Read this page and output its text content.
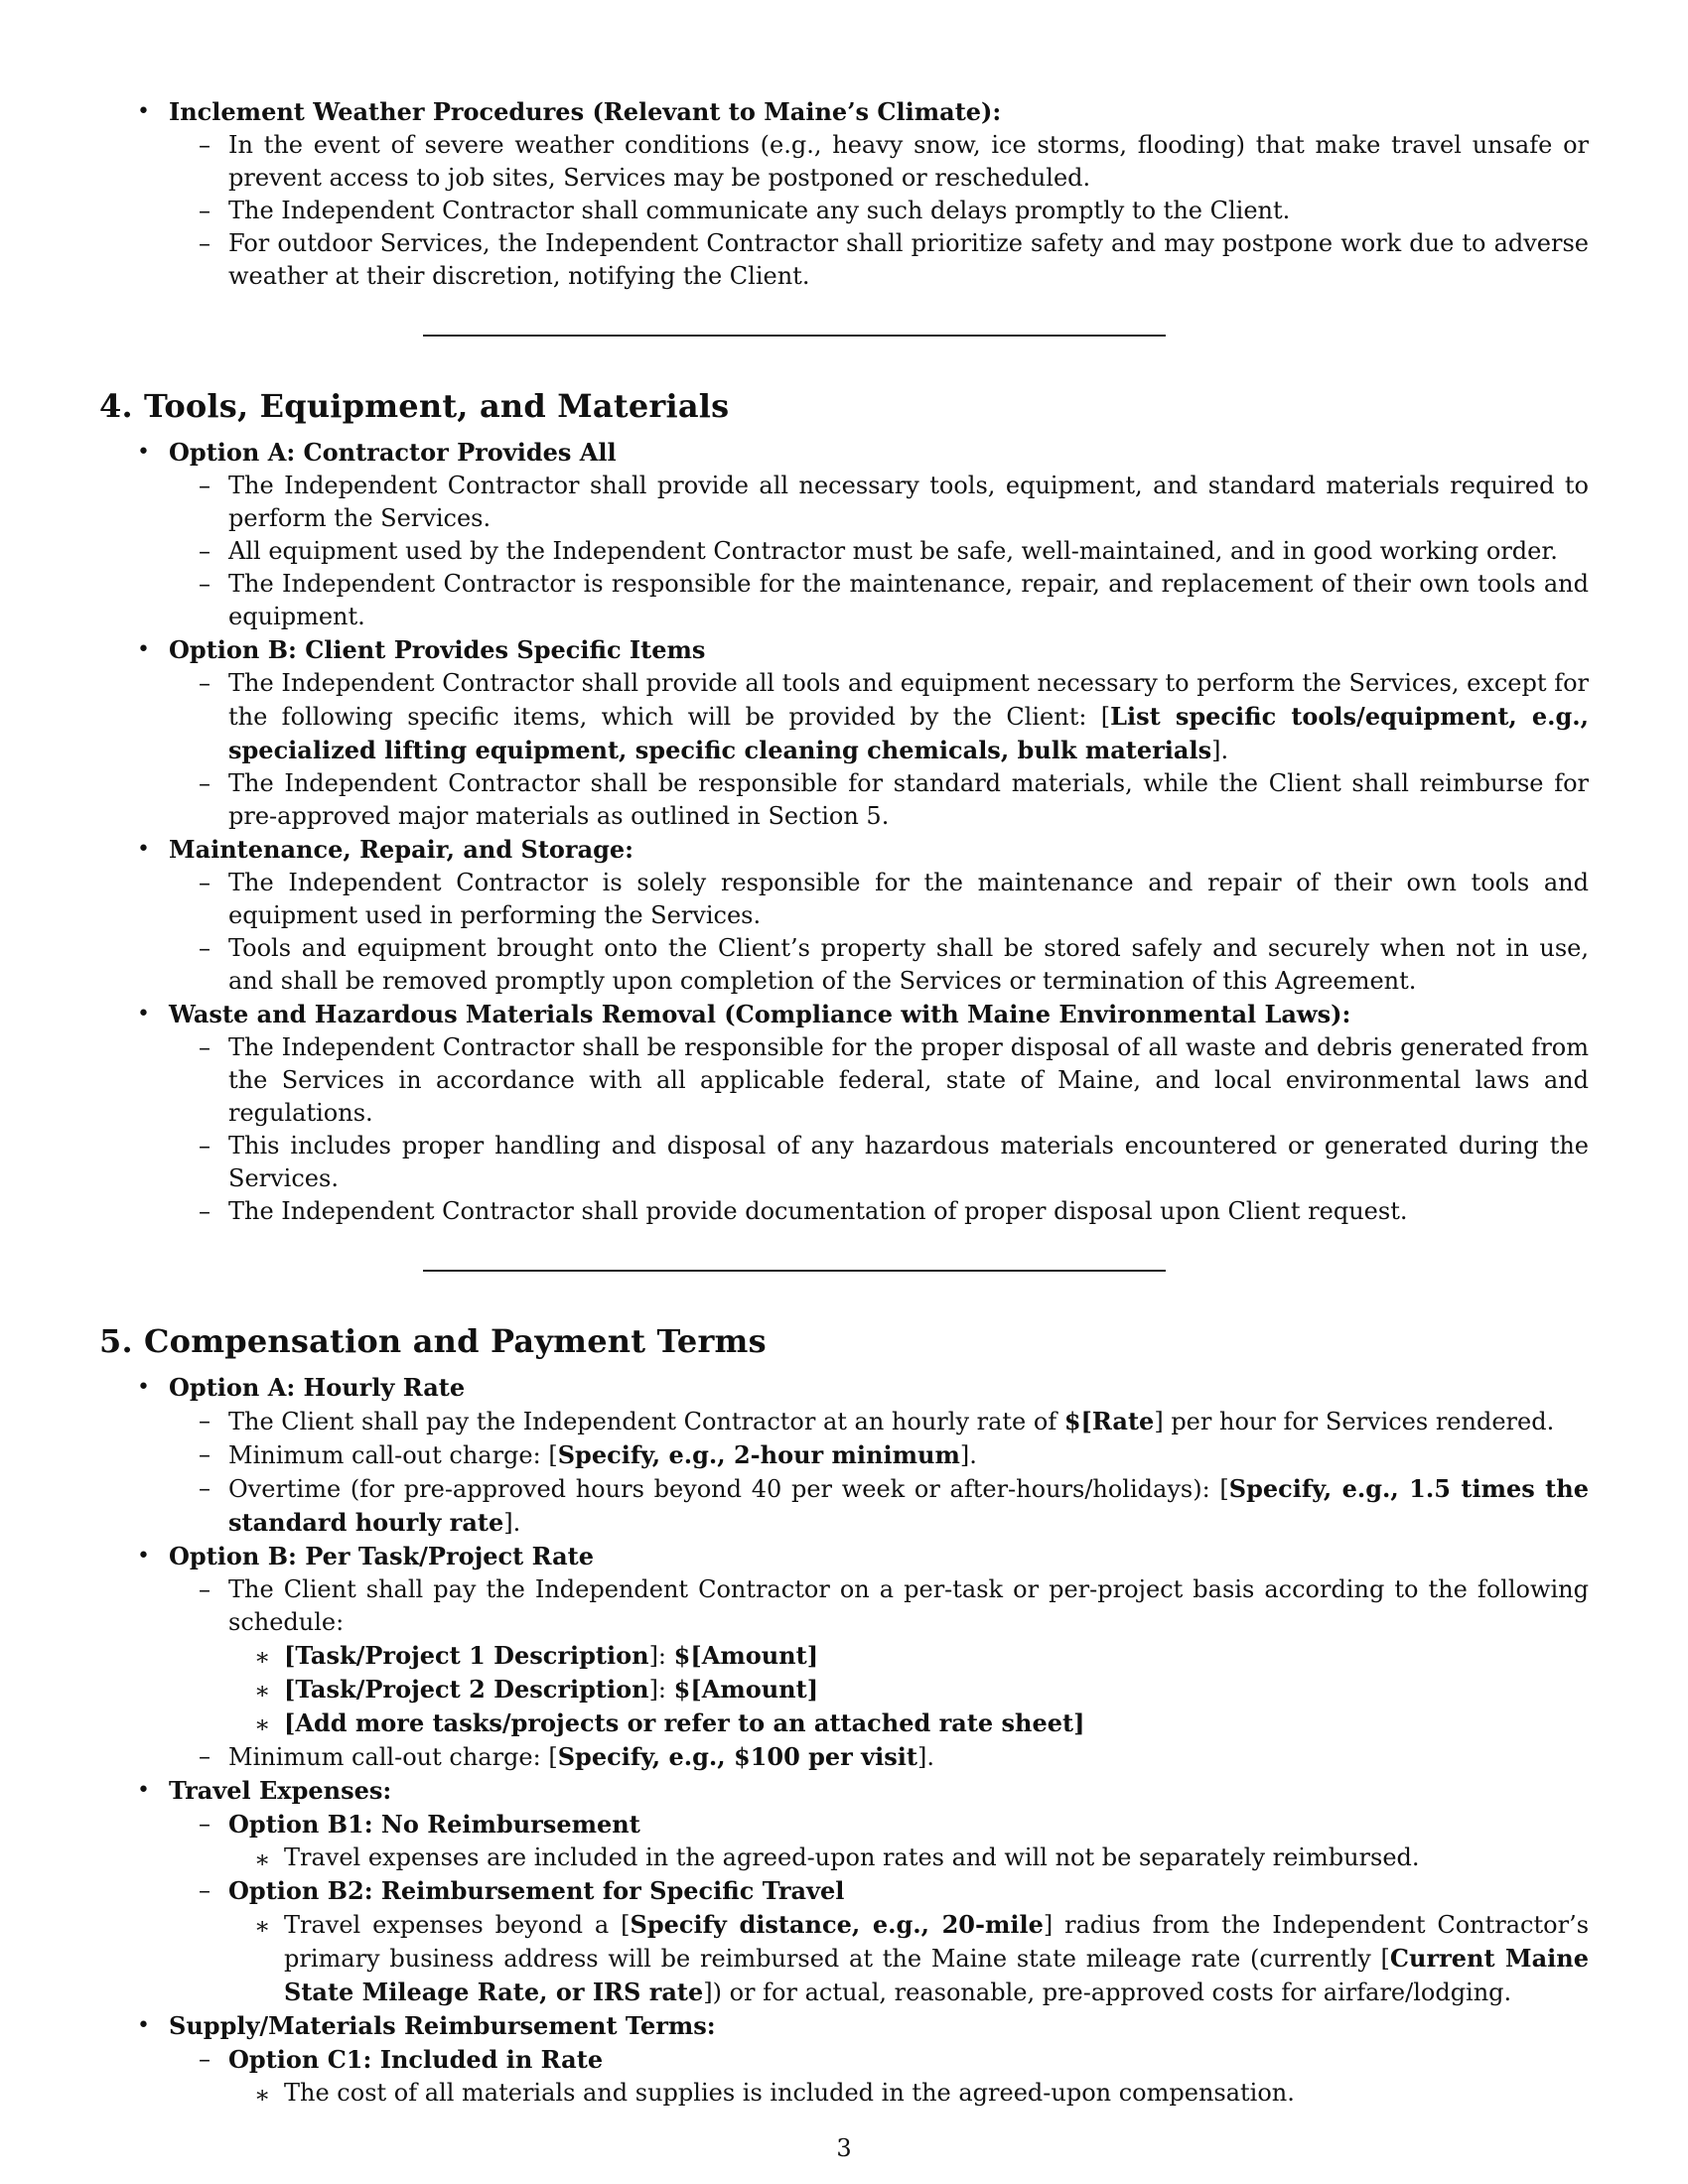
• Inclement Weather Procedures (Relevant to Maine’s Climate):
– In the event of severe weather conditions (e.g., heavy snow, ice storms, flooding) that make travel unsafe or prevent access to job sites, Services may be postponed or rescheduled.
– The Independent Contractor shall communicate any such delays promptly to the Client.
– For outdoor Services, the Independent Contractor shall prioritize safety and may postpone work due to adverse weather at their discretion, notifying the Client.
4. Tools, Equipment, and Materials
• Option A: Contractor Provides All
– The Independent Contractor shall provide all necessary tools, equipment, and standard materials required to perform the Services.
– All equipment used by the Independent Contractor must be safe, well-maintained, and in good working order.
– The Independent Contractor is responsible for the maintenance, repair, and replacement of their own tools and equipment.
• Option B: Client Provides Specific Items
– The Independent Contractor shall provide all tools and equipment necessary to perform the Services, except for the following specific items, which will be provided by the Client: [List specific tools/equipment, e.g., specialized lifting equipment, specific cleaning chemicals, bulk materials].
– The Independent Contractor shall be responsible for standard materials, while the Client shall reimburse for pre-approved major materials as outlined in Section 5.
• Maintenance, Repair, and Storage:
– The Independent Contractor is solely responsible for the maintenance and repair of their own tools and equipment used in performing the Services.
– Tools and equipment brought onto the Client’s property shall be stored safely and securely when not in use, and shall be removed promptly upon completion of the Services or termination of this Agreement.
• Waste and Hazardous Materials Removal (Compliance with Maine Environmental Laws):
– The Independent Contractor shall be responsible for the proper disposal of all waste and debris generated from the Services in accordance with all applicable federal, state of Maine, and local environmental laws and regulations.
– This includes proper handling and disposal of any hazardous materials encountered or generated during the Services.
– The Independent Contractor shall provide documentation of proper disposal upon Client request.
5. Compensation and Payment Terms
• Option A: Hourly Rate
– The Client shall pay the Independent Contractor at an hourly rate of $[Rate] per hour for Services rendered.
– Minimum call-out charge: [Specify, e.g., 2-hour minimum].
– Overtime (for pre-approved hours beyond 40 per week or after-hours/holidays): [Specify, e.g., 1.5 times the standard hourly rate].
• Option B: Per Task/Project Rate
– The Client shall pay the Independent Contractor on a per-task or per-project basis according to the following schedule:
∗ [Task/Project 1 Description]: $[Amount]
∗ [Task/Project 2 Description]: $[Amount]
∗ [Add more tasks/projects or refer to an attached rate sheet]
– Minimum call-out charge: [Specify, e.g., $100 per visit].
• Travel Expenses:
– Option B1: No Reimbursement
∗ Travel expenses are included in the agreed-upon rates and will not be separately reimbursed.
– Option B2: Reimbursement for Specific Travel
∗ Travel expenses beyond a [Specify distance, e.g., 20-mile] radius from the Independent Contractor’s primary business address will be reimbursed at the Maine state mileage rate (currently [Current Maine State Mileage Rate, or IRS rate]) or for actual, reasonable, pre-approved costs for airfare/lodging.
• Supply/Materials Reimbursement Terms:
– Option C1: Included in Rate
∗ The cost of all materials and supplies is included in the agreed-upon compensation.
3
